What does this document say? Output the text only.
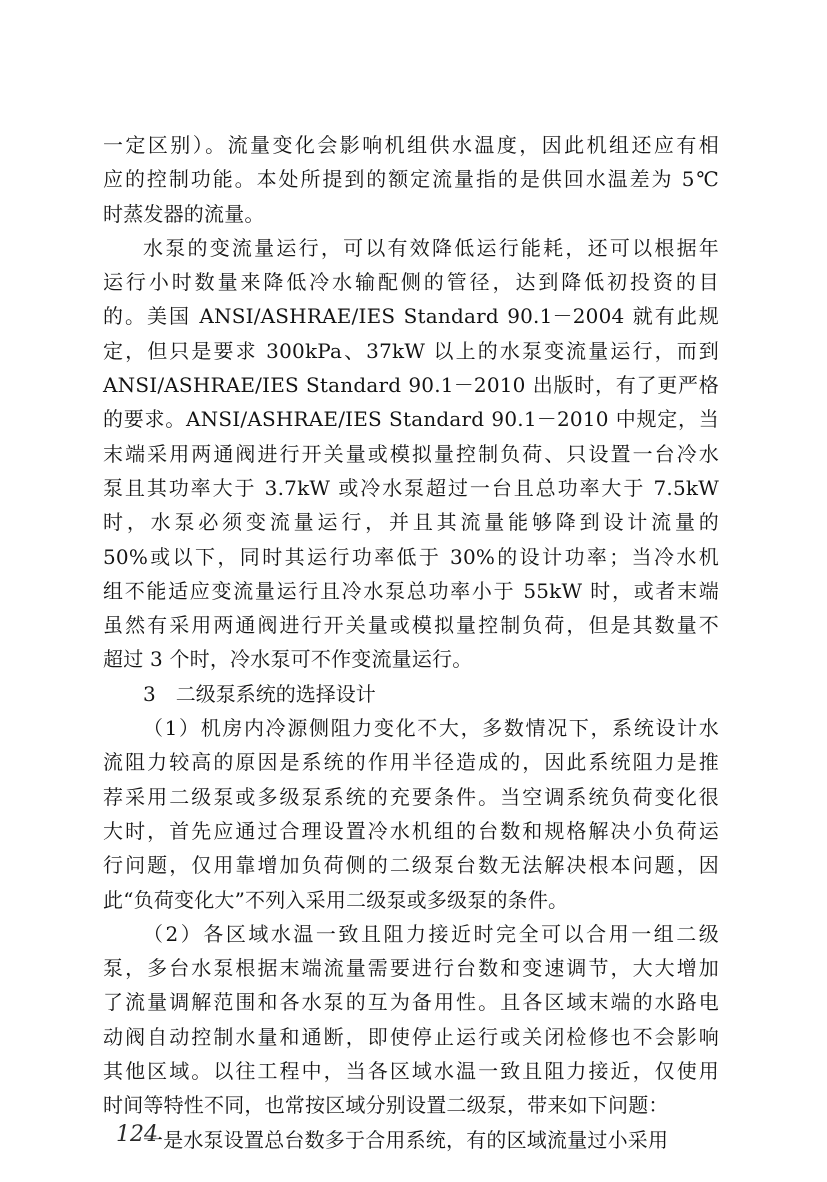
一定区别）。流量变化会影响机组供水温度，因此机组还应有相
应的控制功能。本处所提到的额定流量指的是供回水温差为 5℃
时蒸发器的流量。
水泵的变流量运行，可以有效降低运行能耗，还可以根据年
运行小时数量来降低冷水输配侧的管径，达到降低初投资的目
的。美国 ANSI/ASHRAE/IES Standard 90.1－2004 就有此规
定，但只是要求 300kPa、37kW 以上的水泵变流量运行，而到
ANSI/ASHRAE/IES Standard 90.1－2010 出版时，有了更严格
的要求。ANSI/ASHRAE/IES Standard 90.1－2010 中规定，当
末端采用两通阀进行开关量或模拟量控制负荷、只设置一台冷水
泵且其功率大于 3.7kW 或冷水泵超过一台且总功率大于 7.5kW
时，水泵必须变流量运行，并且其流量能够降到设计流量的
50%或以下，同时其运行功率低于 30%的设计功率；当冷水机
组不能适应变流量运行且冷水泵总功率小于 55kW 时，或者末端
虽然有采用两通阀进行开关量或模拟量控制负荷，但是其数量不
超过 3 个时，冷水泵可不作变流量运行。
3　二级泵系统的选择设计
（1）机房内冷源侧阻力变化不大，多数情况下，系统设计水
流阻力较高的原因是系统的作用半径造成的，因此系统阻力是推
荐采用二级泵或多级泵系统的充要条件。当空调系统负荷变化很
大时，首先应通过合理设置冷水机组的台数和规格解决小负荷运
行问题，仅用靠增加负荷侧的二级泵台数无法解决根本问题，因
此“负荷变化大”不列入采用二级泵或多级泵的条件。
（2）各区域水温一致且阻力接近时完全可以合用一组二级
泵，多台水泵根据末端流量需要进行台数和变速调节，大大增加
了流量调解范围和各水泵的互为备用性。且各区域末端的水路电
动阀自动控制水量和通断，即使停止运行或关闭检修也不会影响
其他区域。以往工程中，当各区域水温一致且阻力接近，仅使用
时间等特性不同，也常按区域分别设置二级泵，带来如下问题：
一是水泵设置总台数多于合用系统，有的区域流量过小采用
124
